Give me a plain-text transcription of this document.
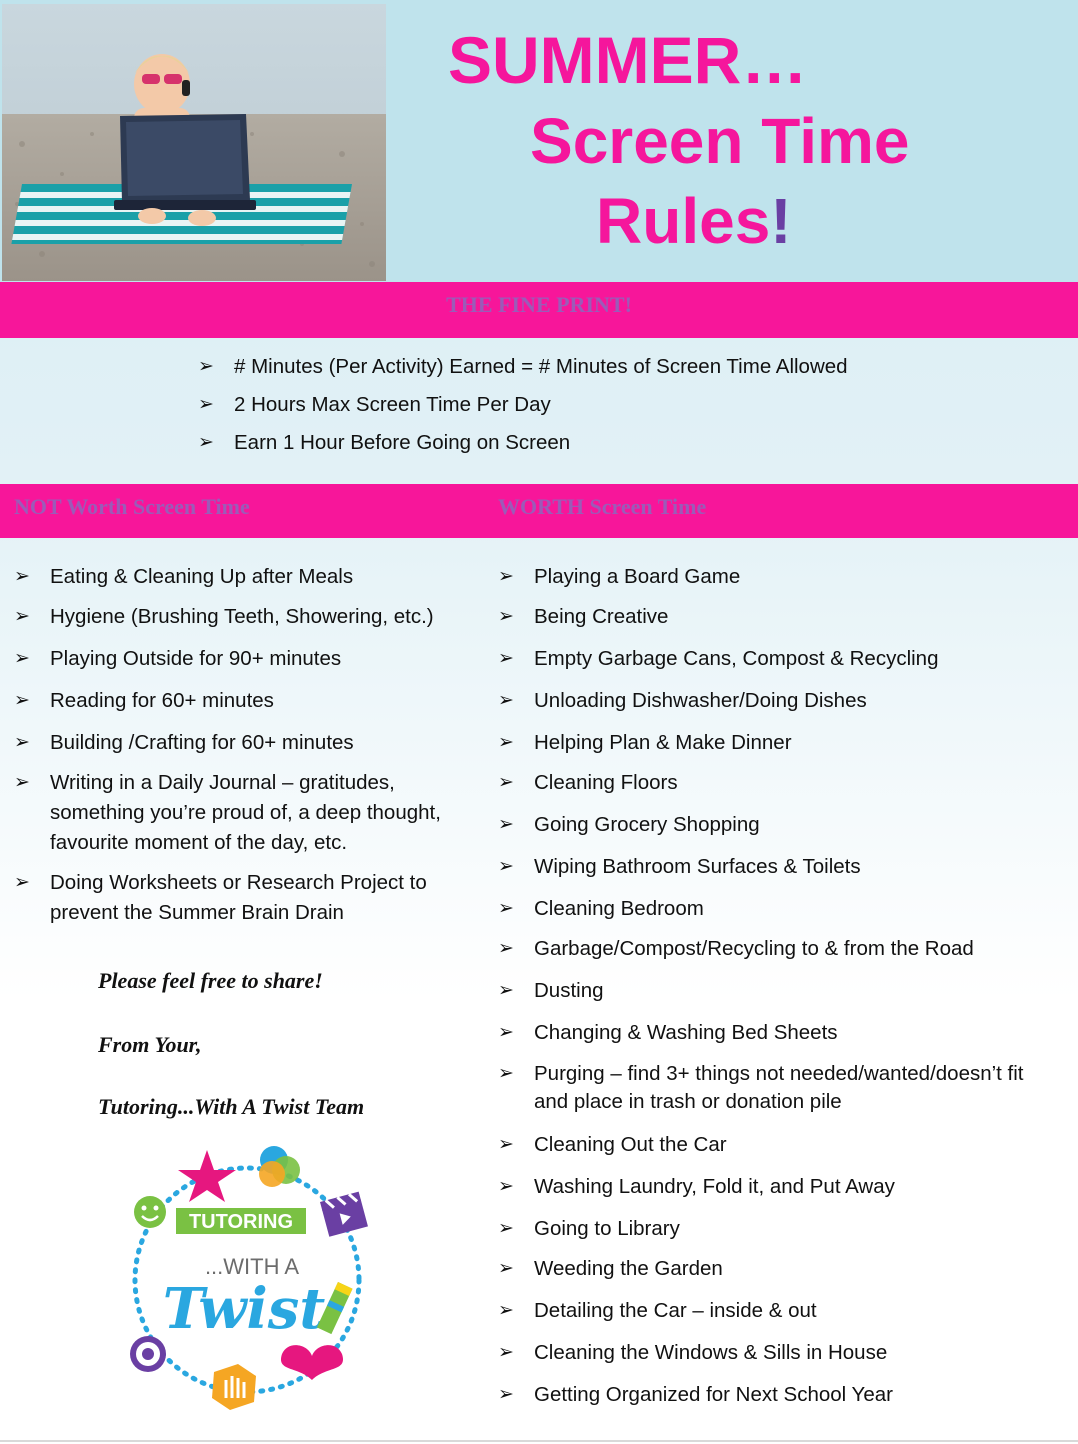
SUMMER…
Screen Time
Rules!
THE FINE PRINT!
➢ # Minutes (Per Activity) Earned = # Minutes of Screen Time Allowed
➢ 2 Hours Max Screen Time Per Day
➢ Earn 1 Hour Before Going on Screen
NOT Worth Screen Time	WORTH Screen Time
➢ Eating & Cleaning Up after Meals
➢ Hygiene (Brushing Teeth, Showering, etc.)
➢ Playing Outside for 90+ minutes
➢ Reading for 60+ minutes
➢ Building /Crafting for 60+ minutes
➢ Writing in a Daily Journal – gratitudes, something you’re proud of, a deep thought, favourite moment of the day, etc.
➢ Doing Worksheets or Research Project to prevent the Summer Brain Drain
➢ Playing a Board Game
➢ Being Creative
➢ Empty Garbage Cans, Compost & Recycling
➢ Unloading Dishwasher/Doing Dishes
➢ Helping Plan & Make Dinner
➢ Cleaning Floors
➢ Going Grocery Shopping
➢ Wiping Bathroom Surfaces & Toilets
➢ Cleaning Bedroom
➢ Garbage/Compost/Recycling to & from the Road
➢ Dusting
➢ Changing & Washing Bed Sheets
➢ Purging – find 3+ things not needed/wanted/doesn’t fit and place in trash or donation pile
➢ Cleaning Out the Car
➢ Washing Laundry, Fold it, and Put Away
➢ Going to Library
➢ Weeding the Garden
➢ Detailing the Car – inside & out
➢ Cleaning the Windows & Sills in House
➢ Getting Organized for Next School Year
Please feel free to share!
From Your,
Tutoring...With A Twist Team
TUTORING
...WITH A
Twist
